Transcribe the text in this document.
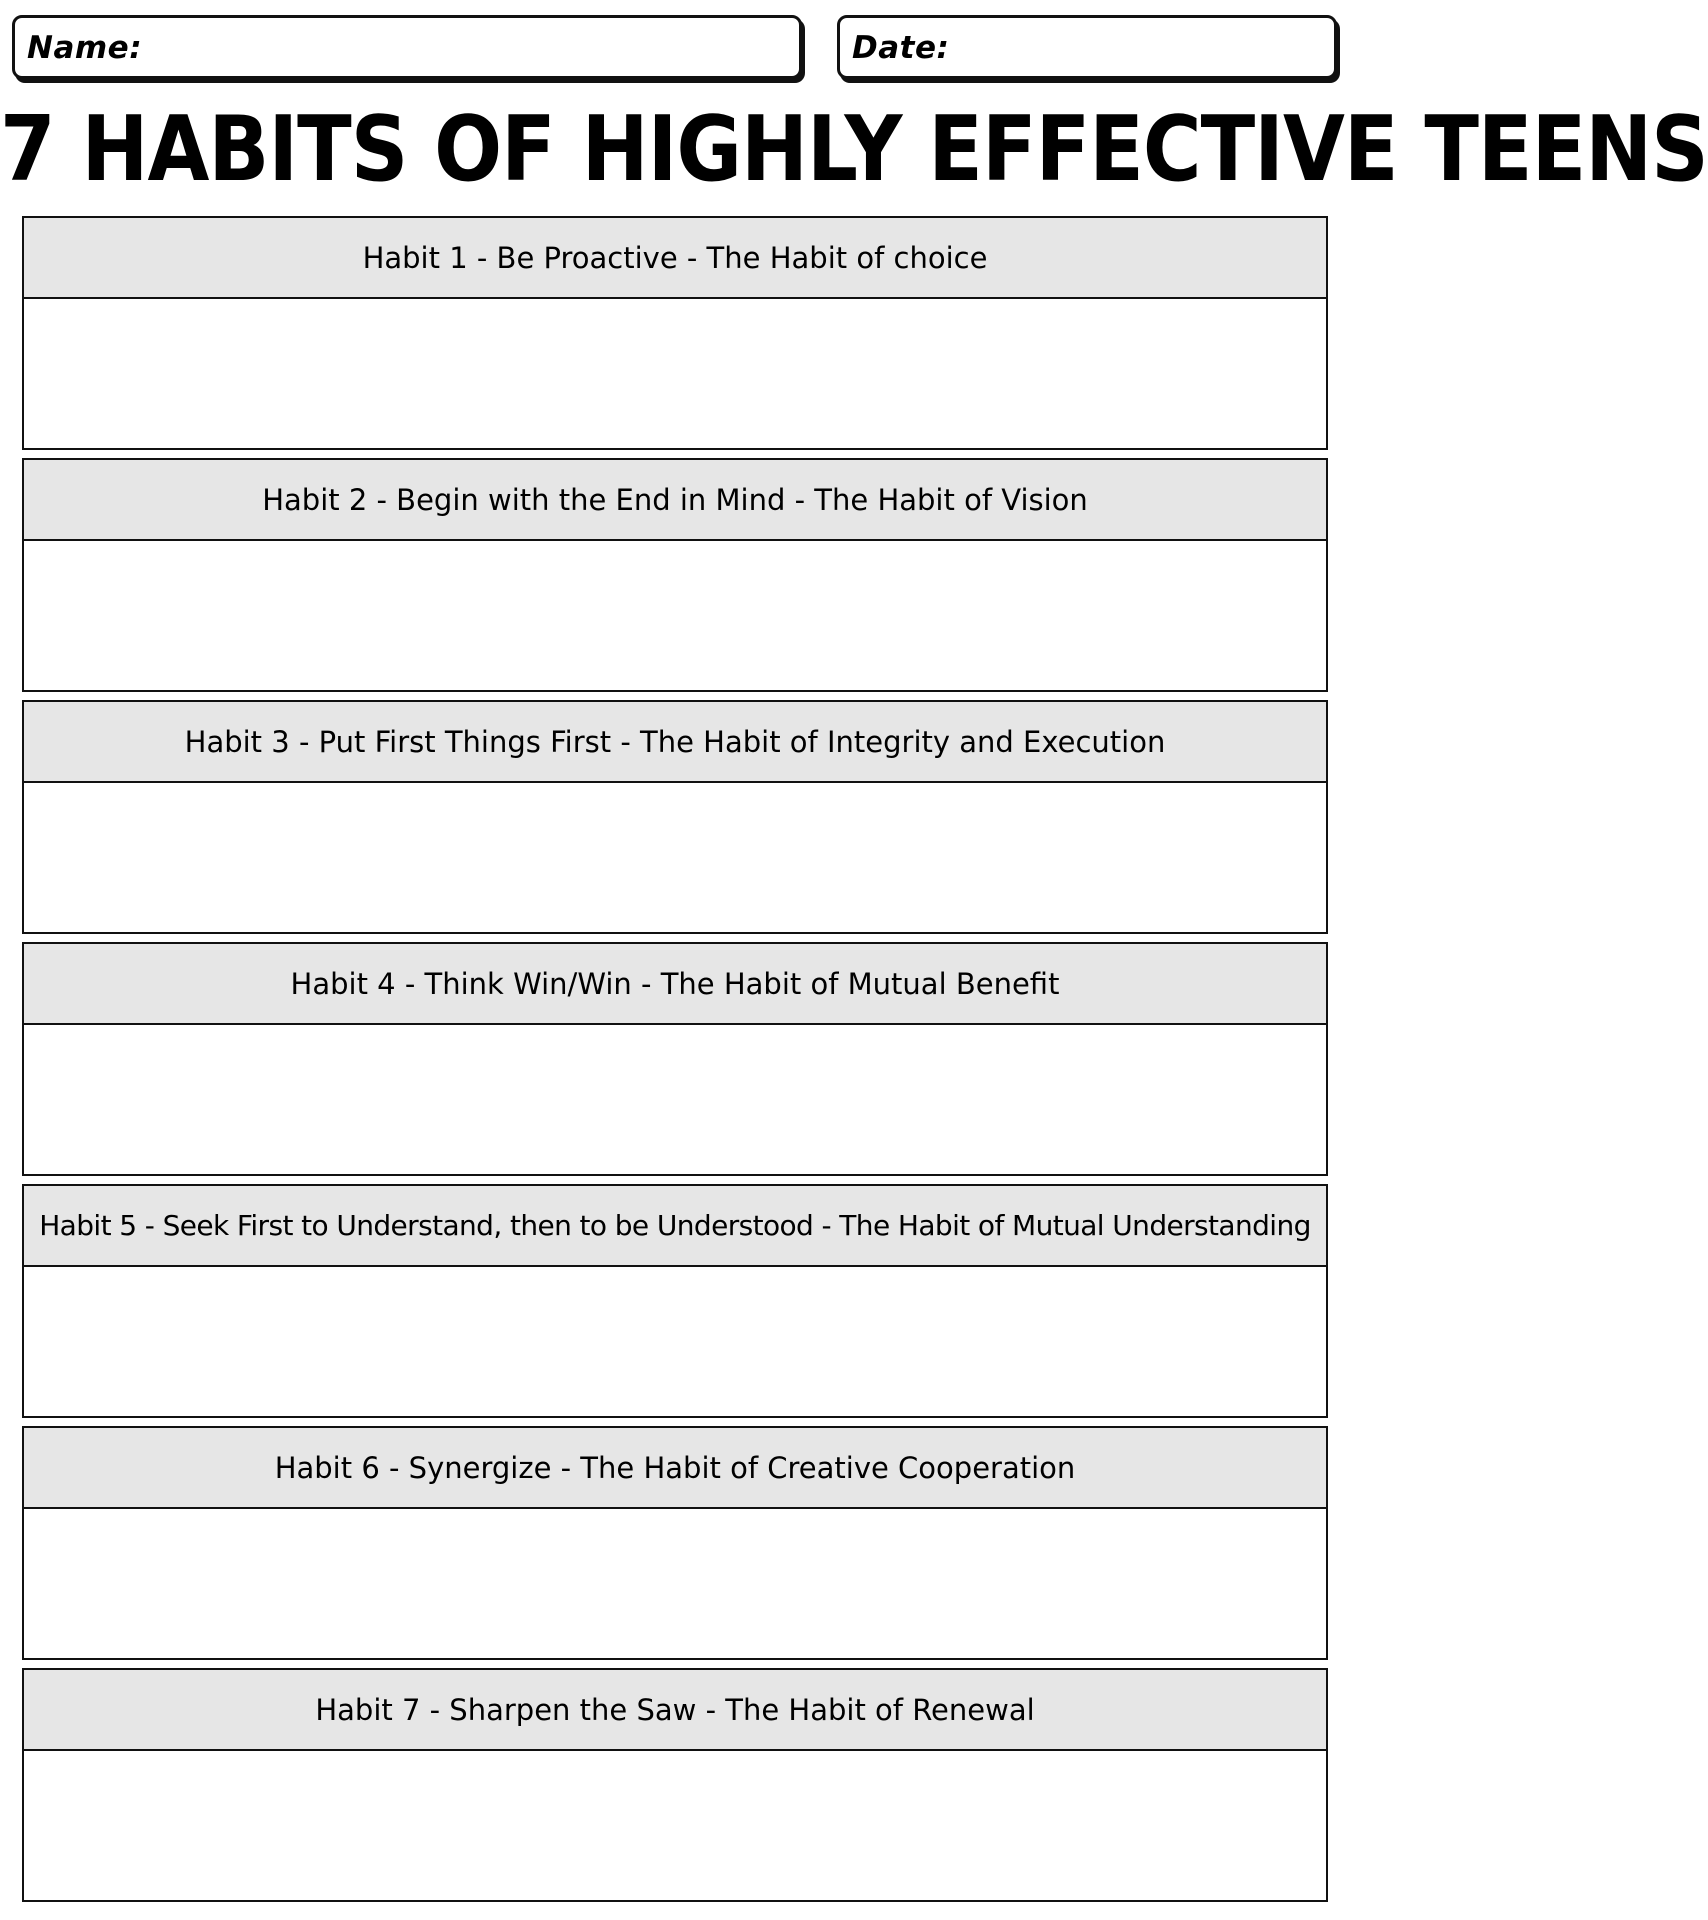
Name:	Date:
7 HABITS OF HIGHLY EFFECTIVE TEENS
Habit 1 - Be Proactive - The Habit of choice
Habit 2 - Begin with the End in Mind - The Habit of Vision
Habit 3 - Put First Things First - The Habit of Integrity and Execution
Habit 4 - Think Win/Win - The Habit of Mutual Benefit
Habit 5 - Seek First to Understand, then to be Understood - The Habit of Mutual Understanding
Habit 6 - Synergize - The Habit of Creative Cooperation
Habit 7 - Sharpen the Saw - The Habit of Renewal
